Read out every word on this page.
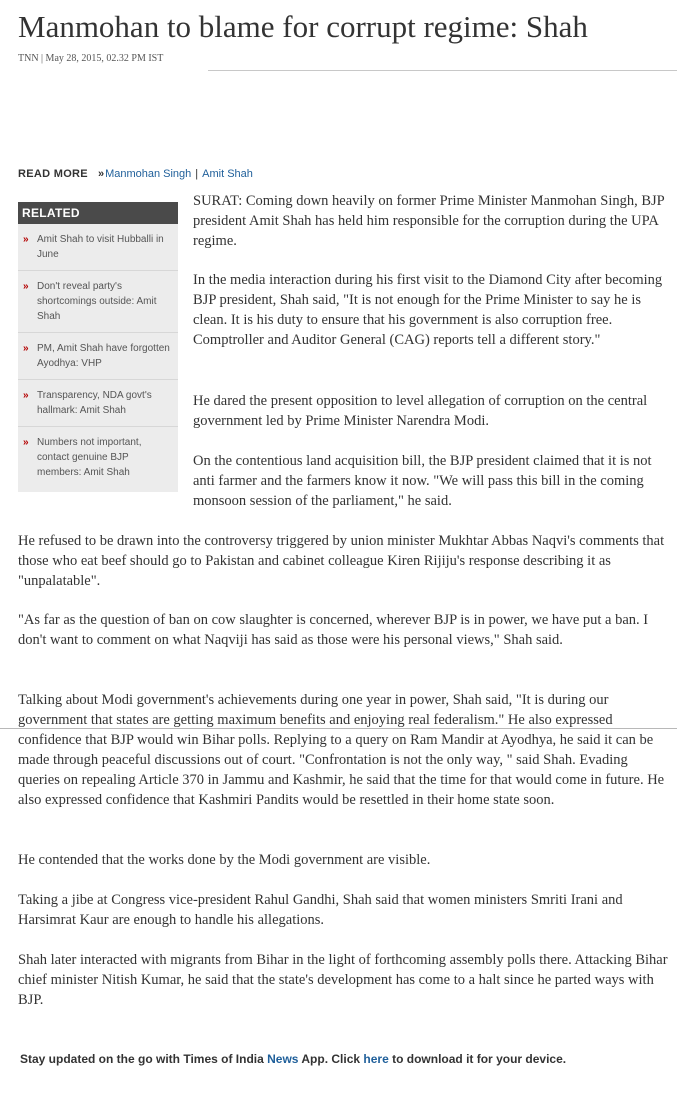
Manmohan to blame for corrupt regime: Shah
TNN | May 28, 2015, 02.32 PM IST
READ MORE »Manmohan Singh | Amit Shah
RELATED
» Amit Shah to visit Hubballi in June
» Don't reveal party's shortcomings outside: Amit Shah
» PM, Amit Shah have forgotten Ayodhya: VHP
» Transparency, NDA govt's hallmark: Amit Shah
» Numbers not important, contact genuine BJP members: Amit Shah

SURAT: Coming down heavily on former Prime Minister Manmohan Singh, BJP president Amit Shah has held him responsible for the corruption during the UPA regime.

In the media interaction during his first visit to the Diamond City after becoming BJP president, Shah said, "It is not enough for the Prime Minister to say he is clean. It is his duty to ensure that his government is also corruption free. Comptroller and Auditor General (CAG) reports tell a different story."

He dared the present opposition to level allegation of corruption on the central government led by Prime Minister Narendra Modi.

On the contentious land acquisition bill, the BJP president claimed that it is not anti farmer and the farmers know it now. "We will pass this bill in the coming monsoon session of the parliament," he said.

He refused to be drawn into the controversy triggered by union minister Mukhtar Abbas Naqvi's comments that those who eat beef should go to Pakistan and cabinet colleague Kiren Rijiju's response describing it as "unpalatable".

"As far as the question of ban on cow slaughter is concerned, wherever BJP is in power, we have put a ban. I don't want to comment on what Naqviji has said as those were his personal views," Shah said.

Talking about Modi government's achievements during one year in power, Shah said, "It is during our government that states are getting maximum benefits and enjoying real federalism." He also expressed confidence that BJP would win Bihar polls. Replying to a query on Ram Mandir at Ayodhya, he said it can be made through peaceful discussions out of court. "Confrontation is not the only way, " said Shah. Evading queries on repealing Article 370 in Jammu and Kashmir, he said that the time for that would come in future. He also expressed confidence that Kashmiri Pandits would be resettled in their home state soon.

He contended that the works done by the Modi government are visible.

Taking a jibe at Congress vice-president Rahul Gandhi, Shah said that women ministers Smriti Irani and Harsimrat Kaur are enough to handle his allegations.

Shah later interacted with migrants from Bihar in the light of forthcoming assembly polls there. Attacking Bihar chief minister Nitish Kumar, he said that the state's development has come to a halt since he parted ways with BJP.

Stay updated on the go with Times of India News App. Click here to download it for your device.
